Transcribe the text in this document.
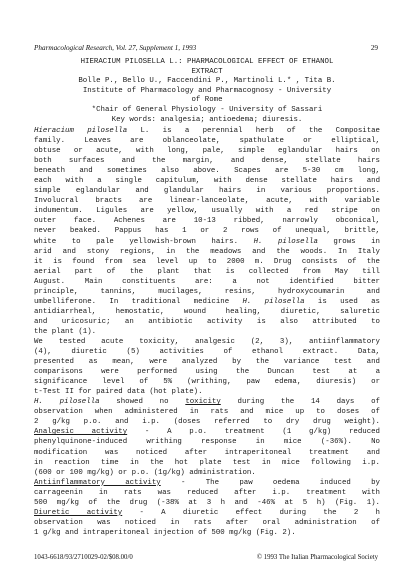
Pharmacological Research, Vol. 27, Supplement 1, 1993	29
HIERACIUM PILOSELLA L.: PHARMACOLOGICAL EFFECT OF ETHANOL
EXTRACT
Bolle P., Bello U., Faccendini P., Martinoli L.* , Tita B.
Institute of Pharmacology and Pharmacognosy - University
of Rome
*Chair of General Physiology - University of Sassari
Key words: analgesia; antioedema; diuresis.
Hieracium pilosella L. is a perennial herb of the Compositae
family. Leaves are oblanceolate, spathulate or elliptical,
obtuse or acute, with long, pale, simple eglandular hairs on
both surfaces and the margin, and dense, stellate hairs
beneath and sometimes also above. Scapes are 5-30 cm long,
each with a single capitulum, with dense stellate hairs and
simple eglandular and glandular hairs in various proportions.
Involucral bracts are linear-lanceolate, acute, with variable
indumentum. Ligules are yellow, usually with a red stripe on
outer face. Achenes are 10-13 ribbed, narrowly obconical,
never beaked. Pappus has 1 or 2 rows of unequal, brittle,
white to pale yellowish-brown hairs. H. pilosella grows in
arid and stony regions, in the meadows and the woods. In Italy
it is found from sea level up to 2000 m. Drug consists of the
aerial part of the plant that is collected from May till
August. Main constituents are: a not identified bitter
principle, tannins, mucilages, resins, hydroxycoumarin and
umbelliferone. In traditional medicine H. pilosella is used as
antidiarrheal, hemostatic, wound healing, diuretic, saluretic
and uricosuric; an antibiotic activity is also attributed to
the plant (1).
We tested acute toxicity, analgesic (2, 3), antiinflammatory
(4), diuretic (5) activities of ethanol extract. Data,
presented as mean, were analyzed by the variance test and
comparisons were performed using the Duncan test at a
significance level of 5% (writhing, paw edema, diuresis) or
t-Test II for paired data (hot plate).
H. pilosella showed no toxicity during the 14 days of
observation when administered in rats and mice up to doses of
2 g/kg p.o. and i.p. (doses referred to dry drug weight).
Analgesic activity - A p.o. treatment (1 g/kg) reduced
phenylquinone-induced writhing response in mice (-36%). No
modification was noticed after intraperitoneal treatment and
in reaction time in the hot plate test in mice following i.p.
(600 or 100 mg/kg) or p.o. (1g/kg) administration.
Antiinflammatory activity - The paw oedema induced by
carrageenin in rats was reduced after i.p. treatment with
500 mg/kg of the drug (-38% at 3 h and -46% at 5 h) (Fig. 1).
Diuretic activity - A diuretic effect during the 2 h
observation was noticed in rats after oral administration of
1 g/kg and intraperitoneal injection of 500 mg/kg (Fig. 2).
1043-6618/93/2710029-02/$08.00/0	© 1993 The Italian Pharmacological Society
